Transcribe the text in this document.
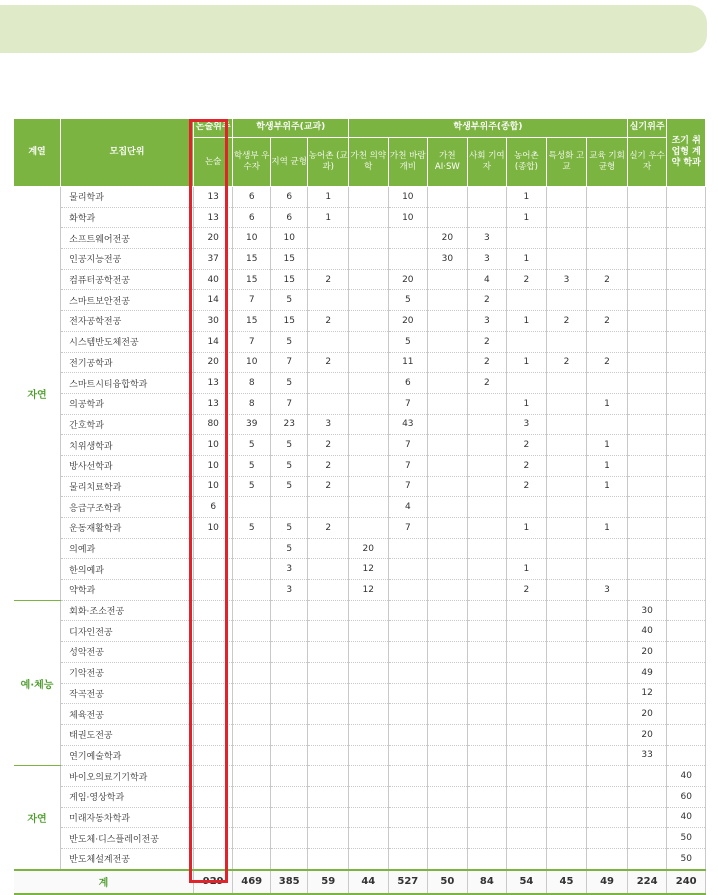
계열	모집단위	논술위주	학생부위주(교과)			학생부위주(종합)							실기위주	조기 취업형 계약 학과
		논술	학생부 우수자	지역 균형	농어촌 (교과)	가천 의약학	가천 바람 개비	가천 AI·SW	사회 기여자	농어촌 (종합)	특성화 고교	교육 기회 균형	실기 우수자	
자연	물리학과	13	6	6	1		10			1				
	화학과	13	6	6	1		10			1				
	소프트웨어전공	20	10	10				20	3					
	인공지능전공	37	15	15				30	3	1				
	컴퓨터공학전공	40	15	15	2		20		4	2	3	2		
	스마트보안전공	14	7	5			5		2					
	전자공학전공	30	15	15	2		20		3	1	2	2		
	시스템반도체전공	14	7	5			5		2					
	전기공학과	20	10	7	2		11		2	1	2	2		
	스마트시티융합학과	13	8	5			6		2					
	의공학과	13	8	7			7			1		1		
	간호학과	80	39	23	3		43			3				
	치위생학과	10	5	5	2		7			2		1		
	방사선학과	10	5	5	2		7			2		1		
	물리치료학과	10	5	5	2		7			2		1		
	응급구조학과	6					4							
	운동재활학과	10	5	5	2		7			1		1		
	의예과			5		20								
	한의예과			3		12				1				
	약학과			3		12				2		3		
예·체능	회화·조소전공												30	
	디자인전공												40	
	성악전공												20	
	기악전공												49	
	작곡전공												12	
	체육전공												20	
	태권도전공												20	
	연기예술학과												33	
자연	바이오의료기기학과													40
	게임·영상학과													60
	미래자동차학과													40
	반도체·디스플레이전공													50
	반도체설계전공													50
계		929	469	385	59	44	527	50	84	54	45	49	224	240
